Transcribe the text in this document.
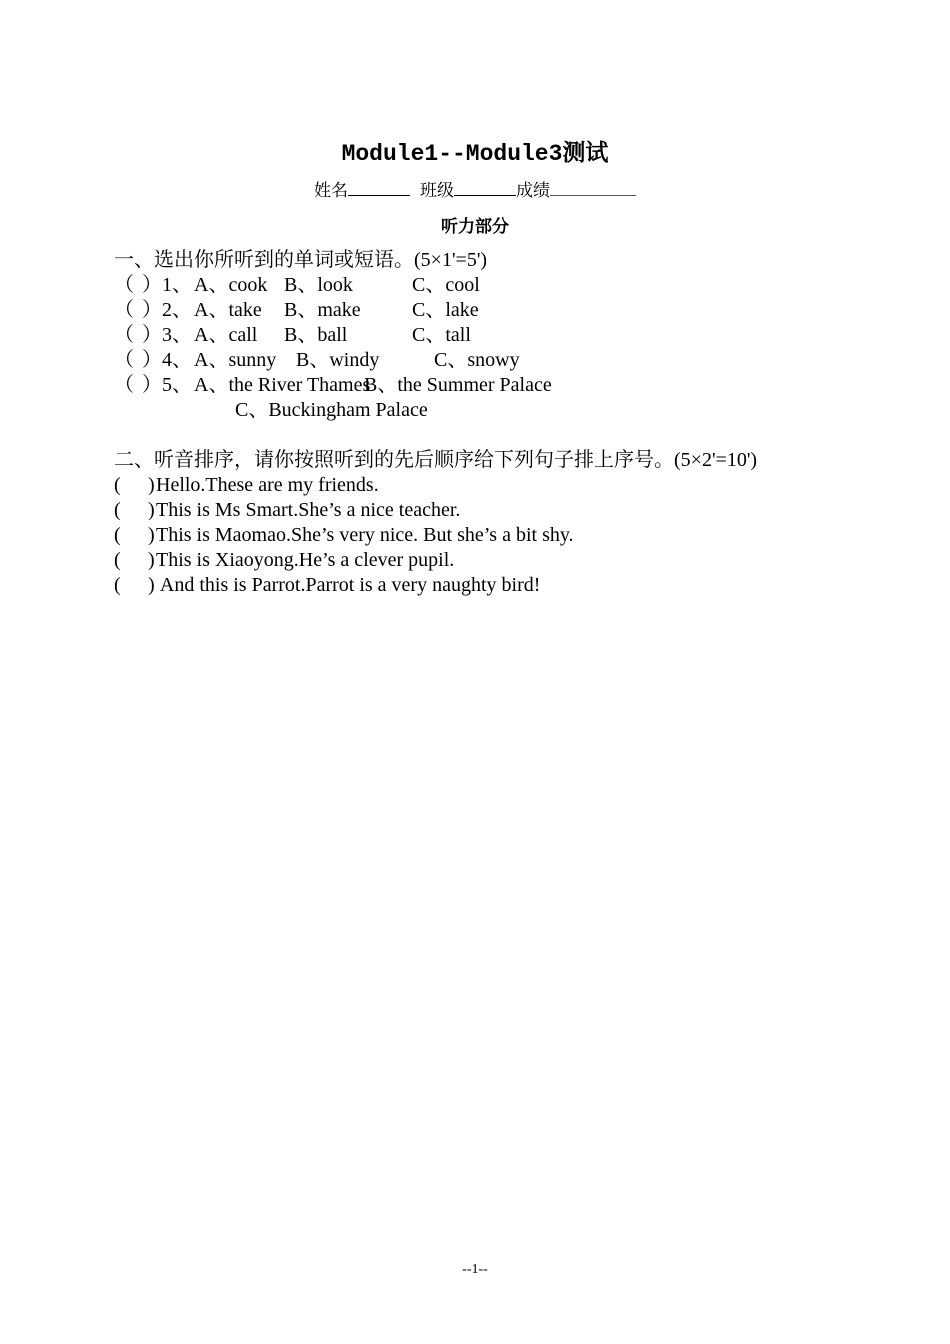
Module1--Module3测试
姓名	班级	成绩
听力部分
一、选出你所听到的单词或短语。(5×1'=5')
（ ）1、 A、cook B、look	C、cool
（ ）2、 A、take B、make	C、lake
（ ）3、 A、call B、ball	C、tall
（ ）4、 A、sunny B、windy	C、snowy
（ ）5、 A、the River ThamesB、the Summer Palace
C、Buckingham Palace
二、听音排序，请你按照听到的先后顺序给下列句子排上序号。(5×2'=10')
( )Hello.These are my friends.
( )This is Ms Smart.She’s a nice teacher.
( )This is Maomao.She’s very nice. But she’s a bit shy.
( )This is Xiaoyong.He’s a clever pupil.
( ) And this is Parrot.Parrot is a very naughty bird!
--1--
